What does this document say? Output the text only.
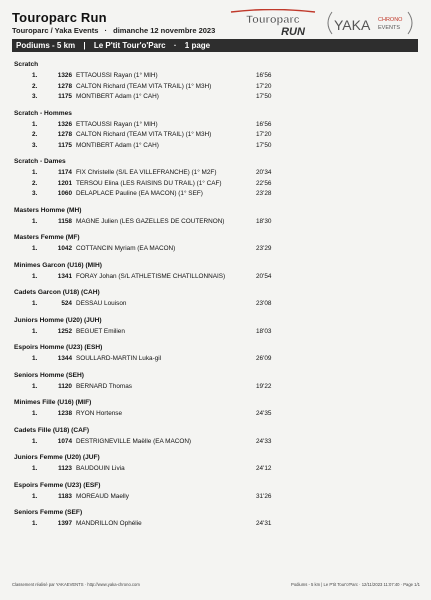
Touroparc Run
Touroparc / Yaka Events · dimanche 12 novembre 2023
Touroparc
RUN YAKA CHRONO
EVENTS
Podiums - 5 km | Le P'tit Tour'o'Parc · 1 page
Scratch
1.	1326 ETTAOUSSI Rayan (1° MIH)	16'56
2.	1278 CALTON Richard (TEAM VITA TRAIL) (1° M3H)	17'20
3.	1175 MONTIBERT Adam (1° CAH)	17'50
Scratch - Hommes
1.	1326 ETTAOUSSI Rayan (1° MIH)	16'56
2.	1278 CALTON Richard (TEAM VITA TRAIL) (1° M3H)	17'20
3.	1175 MONTIBERT Adam (1° CAH)	17'50
Scratch - Dames
1.	1174 FIX Christelle (S/L EA VILLEFRANCHE) (1° M2F)	20'34
2.	1201 TERSOU Elina (LES RAISINS DU TRAIL) (1° CAF)	22'56
3.	1060 DELAPLACE Pauline (EA MACON) (1° SEF)	23'28
Masters Homme (MH)
1.	1158 MAGNE Julien (LES GAZELLES DE COUTERNON)	18'30
Masters Femme (MF)
1.	1042 COTTANCIN Myriam (EA MACON)	23'29
Minimes Garcon (U16) (MIH)
1.	1341 FORAY Johan (S/L ATHLETISME CHATILLONNAIS)	20'54
Cadets Garcon (U18) (CAH)
1.	524 DESSAU Louison	23'08
Juniors Homme (U20) (JUH)
1.	1252 BEGUET Emilien	18'03
Espoirs Homme (U23) (ESH)
1.	1344 SOULLARD-MARTIN Luka-gil	26'09
Seniors Homme (SEH)
1.	1120 BERNARD Thomas	19'22
Minimes Fille (U16) (MIF)
1.	1238 RYON Hortense	24'35
Cadets Fille (U18) (CAF)
1.	1074 DESTRIGNEVILLE Maëlle (EA MACON)	24'33
Juniors Femme (U20) (JUF)
1.	1123 BAUDOUIN Livia	24'12
Espoirs Femme (U23) (ESF)
1.	1183 MOREAUD Maelly	31'26
Seniors Femme (SEF)
1.	1397 MANDRILLON Ophélie	24'31
Classement réalisé par YAKAEVENTS · http://www.yaka-chrono.com	Podiums - 5 km | Le P'tit Tour'o'Parc · 12/11/2023 11:07:40 · Page 1/1
